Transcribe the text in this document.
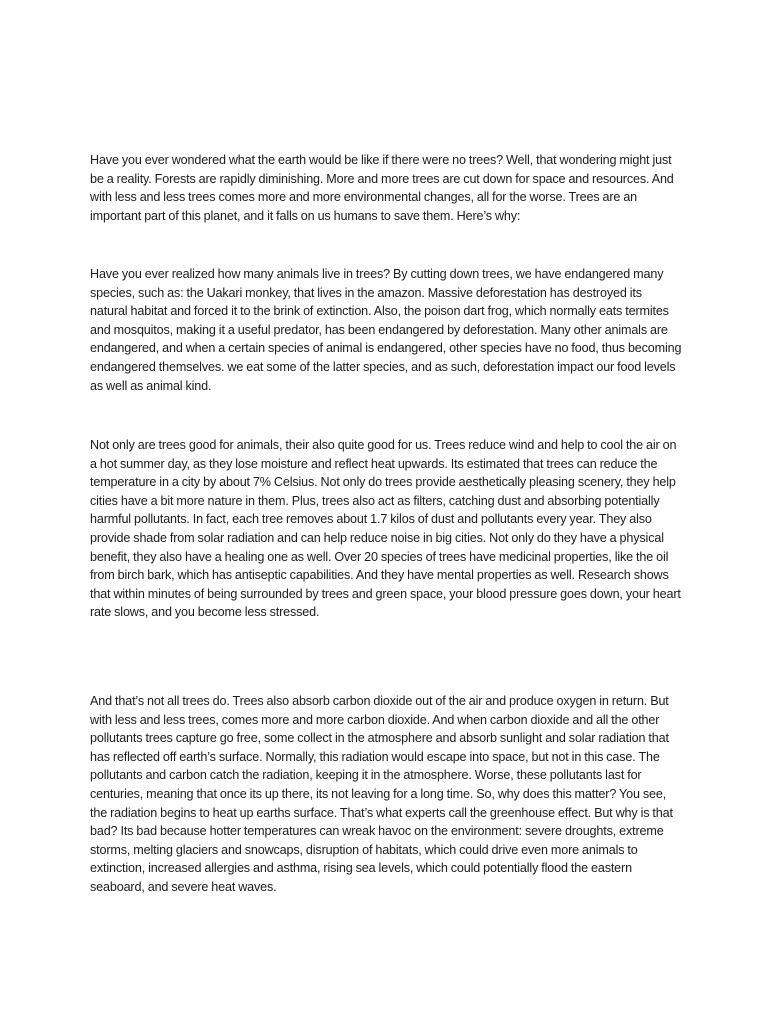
Have you ever wondered what the earth would be like if there were no trees? Well, that wondering might just be a reality. Forests are rapidly diminishing. More and more trees are cut down for space and resources. And with less and less trees comes more and more environmental changes, all for the worse. Trees are an important part of this planet, and it falls on us humans to save them. Here’s why:

Have you ever realized how many animals live in trees? By cutting down trees, we have endangered many species, such as: the Uakari monkey, that lives in the amazon. Massive deforestation has destroyed its natural habitat and forced it to the brink of extinction. Also, the poison dart frog, which normally eats termites and mosquitos, making it a useful predator, has been endangered by deforestation. Many other animals are endangered, and when a certain species of animal is endangered, other species have no food, thus becoming endangered themselves. we eat some of the latter species, and as such, deforestation impact our food levels as well as animal kind.

Not only are trees good for animals, their also quite good for us. Trees reduce wind and help to cool the air on a hot summer day, as they lose moisture and reflect heat upwards. Its estimated that trees can reduce the temperature in a city by about 7% Celsius. Not only do trees provide aesthetically pleasing scenery, they help cities have a bit more nature in them. Plus, trees also act as filters, catching dust and absorbing potentially harmful pollutants. In fact, each tree removes about 1.7 kilos of dust and pollutants every year. They also provide shade from solar radiation and can help reduce noise in big cities. Not only do they have a physical benefit, they also have a healing one as well. Over 20 species of trees have medicinal properties, like the oil from birch bark, which has antiseptic capabilities. And they have mental properties as well. Research shows that within minutes of being surrounded by trees and green space, your blood pressure goes down, your heart rate slows, and you become less stressed.

And that’s not all trees do. Trees also absorb carbon dioxide out of the air and produce oxygen in return. But with less and less trees, comes more and more carbon dioxide. And when carbon dioxide and all the other pollutants trees capture go free, some collect in the atmosphere and absorb sunlight and solar radiation that has reflected off earth’s surface. Normally, this radiation would escape into space, but not in this case. The pollutants and carbon catch the radiation, keeping it in the atmosphere. Worse, these pollutants last for centuries, meaning that once its up there, its not leaving for a long time. So, why does this matter? You see, the radiation begins to heat up earths surface. That’s what experts call the greenhouse effect. But why is that bad? Its bad because hotter temperatures can wreak havoc on the environment: severe droughts, extreme storms, melting glaciers and snowcaps, disruption of habitats, which could drive even more animals to extinction, increased allergies and asthma, rising sea levels, which could potentially flood the eastern seaboard, and severe heat waves.
